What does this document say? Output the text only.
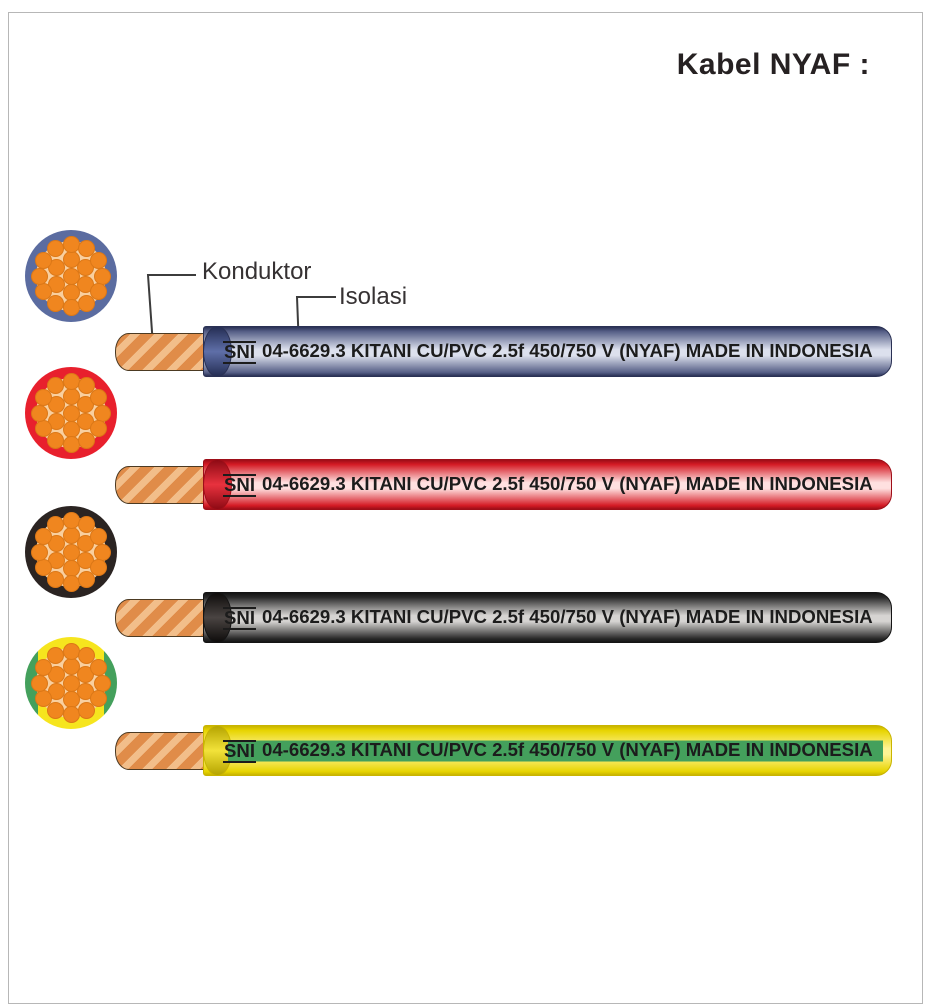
Kabel NYAF :
Konduktor
Isolasi
SNI 04-6629.3 KITANI CU/PVC 2.5f 450/750 V (NYAF) MADE IN INDONESIA
SNI 04-6629.3 KITANI CU/PVC 2.5f 450/750 V (NYAF) MADE IN INDONESIA
SNI 04-6629.3 KITANI CU/PVC 2.5f 450/750 V (NYAF) MADE IN INDONESIA
SNI 04-6629.3 KITANI CU/PVC 2.5f 450/750 V (NYAF) MADE IN INDONESIA
